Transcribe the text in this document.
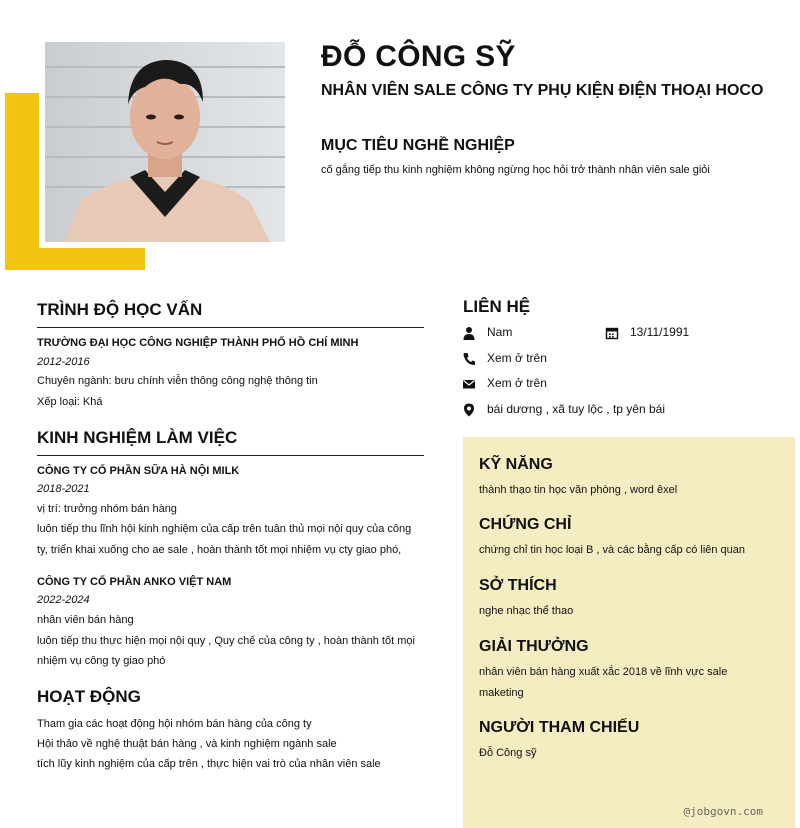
ĐỖ CÔNG SỸ
NHÂN VIÊN SALE CÔNG TY PHỤ KIỆN ĐIỆN THOẠI HOCO
MỤC TIÊU NGHỀ NGHIỆP
cố gắng tiếp thu kinh nghiệm không ngừng học hỏi trở thành nhân viên sale giỏi
TRÌNH ĐỘ HỌC VẤN
TRƯỜNG ĐẠI HỌC CÔNG NGHIỆP THÀNH PHỐ HỒ CHÍ MINH
2012-2016
Chuyên ngành: bưu chính viễn thông công nghệ thông tin
Xếp loại: Khá
KINH NGHIỆM LÀM VIỆC
CÔNG TY CỔ PHẦN SỮA HÀ NỘI MILK
2018-2021
vị trí: trưởng nhóm bán hàng
luôn tiếp thu lĩnh hội kinh nghiệm của cấp trên tuân thủ mọi nội quy của công
ty, triển khai xuống cho ae sale , hoàn thành tốt mọi nhiệm vụ cty giao phó,
CÔNG TY CỔ PHẦN ANKO VIỆT NAM
2022-2024
nhân viên bán hàng
luôn tiếp thu thực hiện mọi nội quy , Quy chế của công ty , hoàn thành tốt mọi
nhiệm vụ công ty giao phó
HOẠT ĐỘNG
Tham gia các hoạt động hội nhóm bán hàng của công ty
Hội thảo về nghệ thuật bán hàng , và kinh nghiệm ngành sale
tích lũy kinh nghiệm của cấp trên , thực hiện vai trò của nhân viên sale
LIÊN HỆ
Nam	13/11/1991
Xem ở trên
Xem ở trên
bái dương , xã tuy lộc , tp yên bái
KỸ NĂNG
thành thạo tin học văn phòng , word êxel
CHỨNG CHỈ
chứng chỉ tin học loại B , và các bằng cấp có liên quan
SỞ THÍCH
nghe nhạc thể thao
GIẢI THƯỞNG
nhân viên bán hàng xuất xắc 2018 về lĩnh vực sale
maketing
NGƯỜI THAM CHIẾU
Đỗ Công sỹ
@jobgovn.com
